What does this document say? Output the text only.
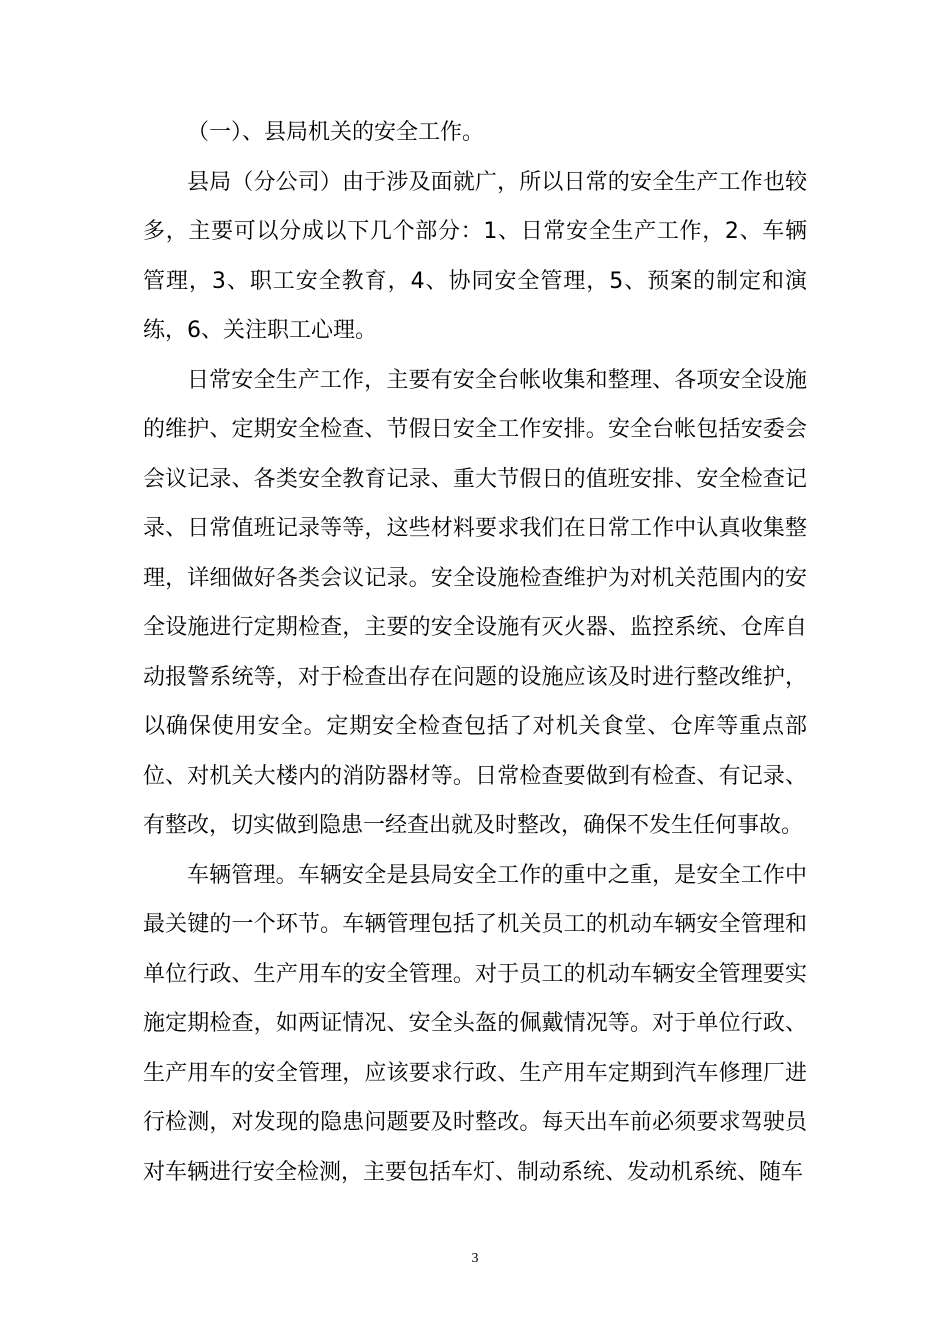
（一）、县局机关的安全工作。

县局（分公司）由于涉及面就广，所以日常的安全生产工作也较多，主要可以分成以下几个部分：1、日常安全生产工作，2、车辆管理，3、职工安全教育，4、协同安全管理，5、预案的制定和演练，6、关注职工心理。

日常安全生产工作，主要有安全台帐收集和整理、各项安全设施的维护、定期安全检查、节假日安全工作安排。安全台帐包括安委会会议记录、各类安全教育记录、重大节假日的值班安排、安全检查记录、日常值班记录等等，这些材料要求我们在日常工作中认真收集整理，详细做好各类会议记录。安全设施检查维护为对机关范围内的安全设施进行定期检查，主要的安全设施有灭火器、监控系统、仓库自动报警系统等，对于检查出存在问题的设施应该及时进行整改维护，以确保使用安全。定期安全检查包括了对机关食堂、仓库等重点部位、对机关大楼内的消防器材等。日常检查要做到有检查、有记录、有整改，切实做到隐患一经查出就及时整改，确保不发生任何事故。

车辆管理。车辆安全是县局安全工作的重中之重，是安全工作中最关键的一个环节。车辆管理包括了机关员工的机动车辆安全管理和单位行政、生产用车的安全管理。对于员工的机动车辆安全管理要实施定期检查，如两证情况、安全头盔的佩戴情况等。对于单位行政、生产用车的安全管理，应该要求行政、生产用车定期到汽车修理厂进行检测，对发现的隐患问题要及时整改。每天出车前必须要求驾驶员对车辆进行安全检测，主要包括车灯、制动系统、发动机系统、随车

3
